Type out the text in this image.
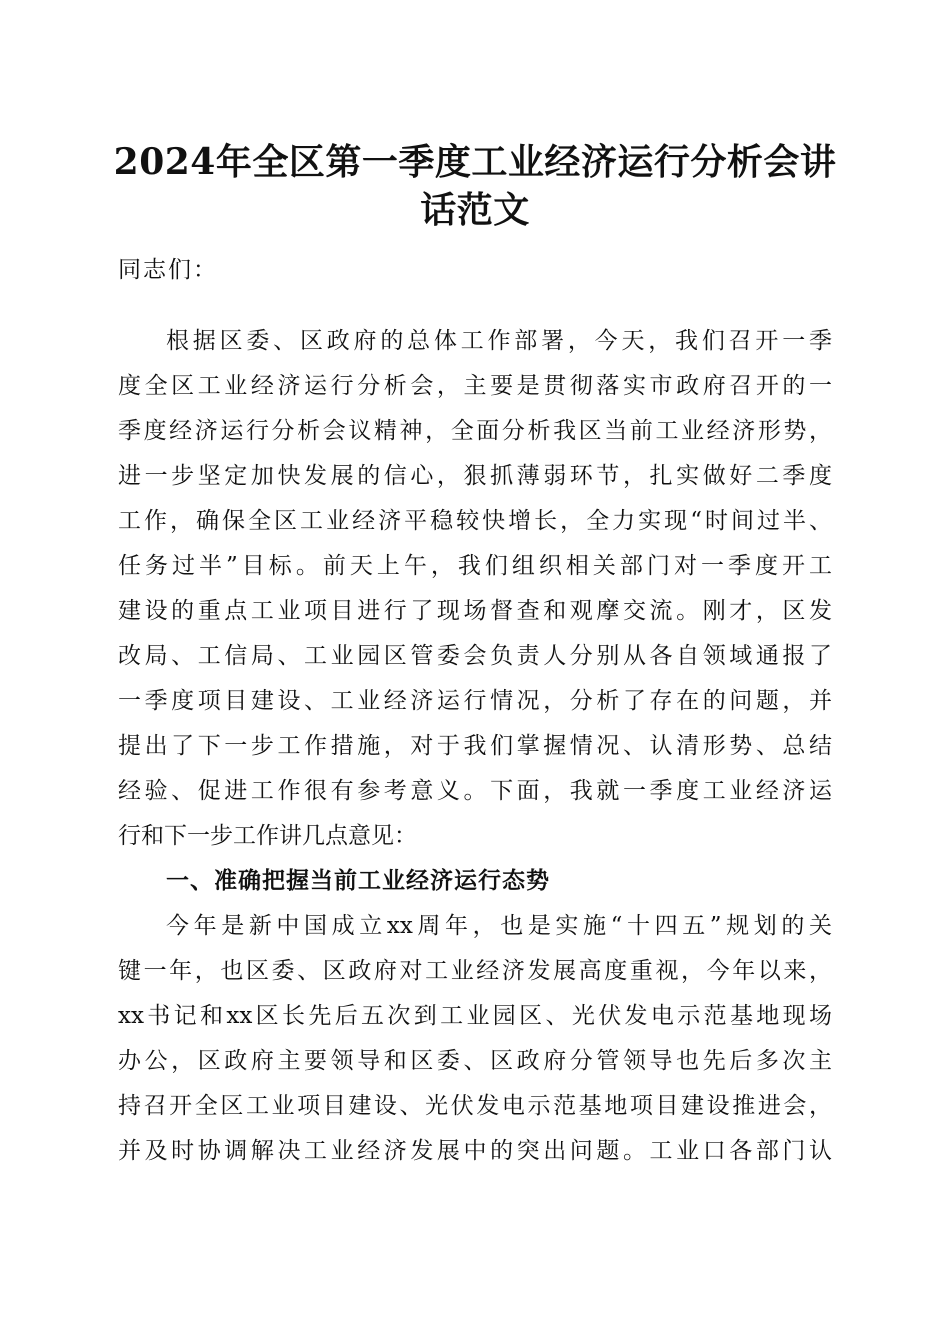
2024年全区第一季度工业经济运行分析会讲
话范文

同志们：

根据区委、区政府的总体工作部署，今天，我们召开一季

度全区工业经济运行分析会，主要是贯彻落实市政府召开的一

季度经济运行分析会议精神，全面分析我区当前工业经济形势，

进一步坚定加快发展的信心，狠抓薄弱环节，扎实做好二季度

工作，确保全区工业经济平稳较快增长，全力实现“时间过半、

任务过半”目标。前天上午，我们组织相关部门对一季度开工

建设的重点工业项目进行了现场督查和观摩交流。刚才，区发

改局、工信局、工业园区管委会负责人分别从各自领域通报了

一季度项目建设、工业经济运行情况，分析了存在的问题，并

提出了下一步工作措施，对于我们掌握情况、认清形势、总结

经验、促进工作很有参考意义。下面，我就一季度工业经济运

行和下一步工作讲几点意见：

一、准确把握当前工业经济运行态势

今年是新中国成立xx周年，也是实施“十四五”规划的关

键一年，也区委、区政府对工业经济发展高度重视，今年以来，

xx书记和xx区长先后五次到工业园区、光伏发电示范基地现场

办公，区政府主要领导和区委、区政府分管领导也先后多次主

持召开全区工业项目建设、光伏发电示范基地项目建设推进会，

并及时协调解决工业经济发展中的突出问题。工业口各部门认
